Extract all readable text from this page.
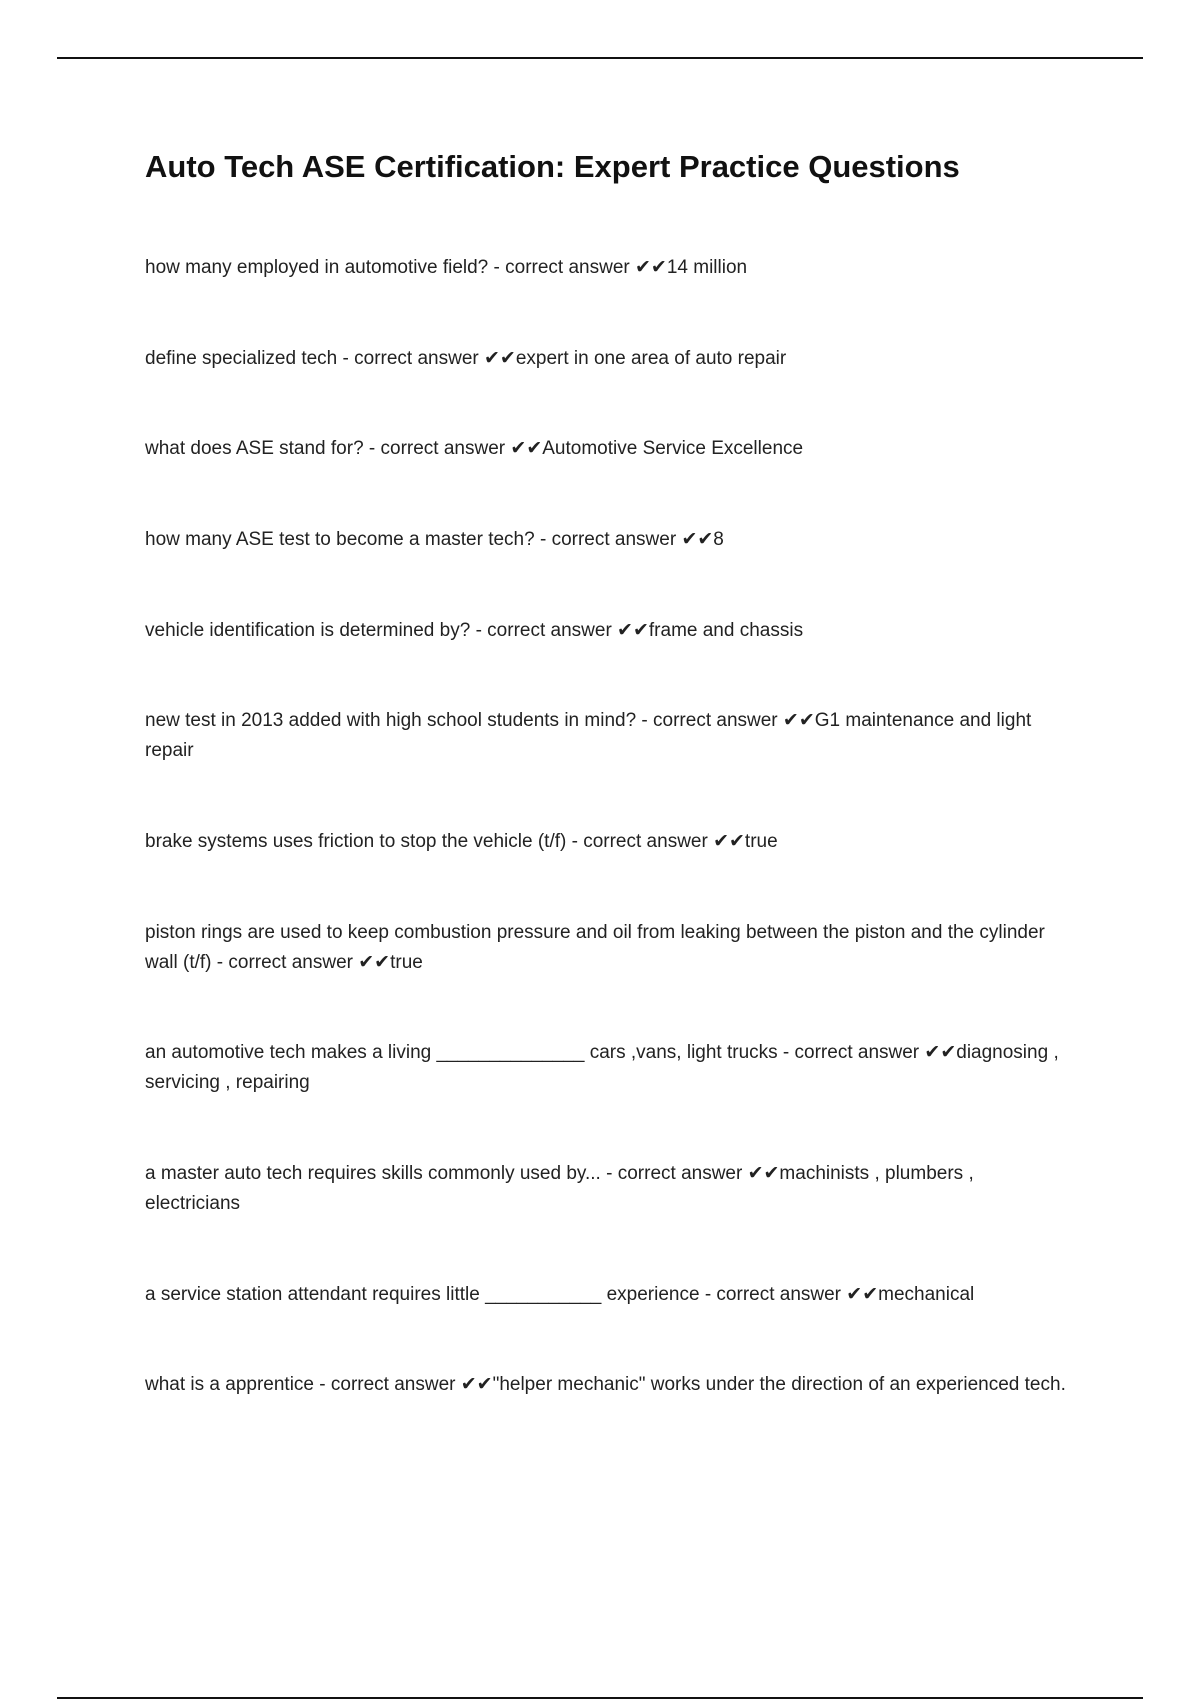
Auto Tech ASE Certification: Expert Practice Questions

how many employed in automotive field? - correct answer ✔✔14 million

define specialized tech - correct answer ✔✔expert in one area of auto repair

what does ASE stand for? - correct answer ✔✔Automotive Service Excellence

how many ASE test to become a master tech? - correct answer ✔✔8

vehicle identification is determined by? - correct answer ✔✔frame and chassis

new test in 2013 added with high school students in mind? - correct answer ✔✔G1 maintenance and light repair

brake systems uses friction to stop the vehicle (t/f) - correct answer ✔✔true

piston rings are used to keep combustion pressure and oil from leaking between the piston and the cylinder wall (t/f) - correct answer ✔✔true

an automotive tech makes a living ______________ cars ,vans, light trucks - correct answer ✔✔diagnosing , servicing , repairing

a master auto tech requires skills commonly used by... - correct answer ✔✔machinists , plumbers , electricians

a service station attendant requires little ___________ experience - correct answer ✔✔mechanical

what is a apprentice - correct answer ✔✔"helper mechanic" works under the direction of an experienced tech.
